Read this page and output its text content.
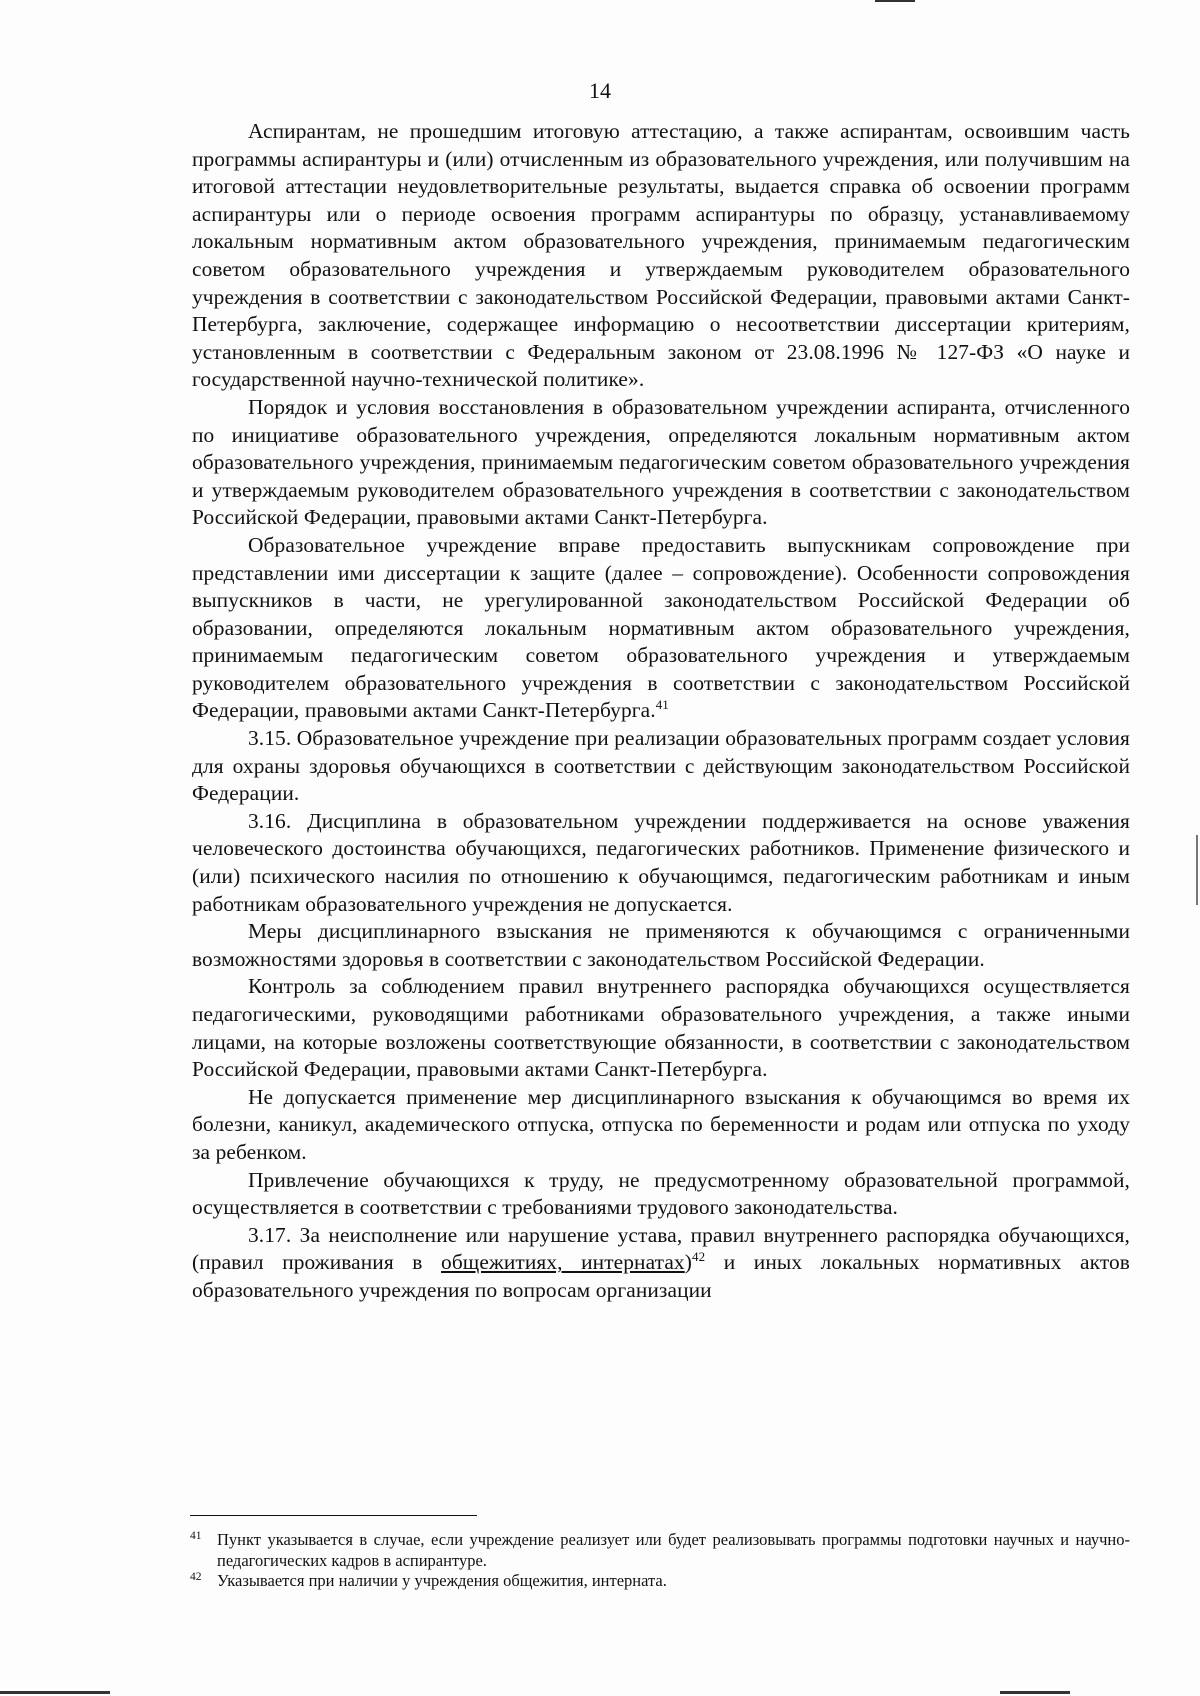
14

Аспирантам, не прошедшим итоговую аттестацию, а также аспирантам, освоившим часть программы аспирантуры и (или) отчисленным из образовательного учреждения, или получившим на итоговой аттестации неудовлетворительные результаты, выдается справка об освоении программ аспирантуры или о периоде освоения программ аспирантуры по образцу, устанавливаемому локальным нормативным актом образовательного учреждения, принимаемым педагогическим советом образовательного учреждения и утверждаемым руководителем образовательного учреждения в соответствии с законодательством Российской Федерации, правовыми актами Санкт-Петербурга, заключение, содержащее информацию о несоответствии диссертации критериям, установленным в соответствии с Федеральным законом от 23.08.1996 № 127-ФЗ «О науке и государственной научно-технической политике».

Порядок и условия восстановления в образовательном учреждении аспиранта, отчисленного по инициативе образовательного учреждения, определяются локальным нормативным актом образовательного учреждения, принимаемым педагогическим советом образовательного учреждения и утверждаемым руководителем образовательного учреждения в соответствии с законодательством Российской Федерации, правовыми актами Санкт-Петербурга.

Образовательное учреждение вправе предоставить выпускникам сопровождение при представлении ими диссертации к защите (далее – сопровождение). Особенности сопровождения выпускников в части, не урегулированной законодательством Российской Федерации об образовании, определяются локальным нормативным актом образовательного учреждения, принимаемым педагогическим советом образовательного учреждения и утверждаемым руководителем образовательного учреждения в соответствии с законодательством Российской Федерации, правовыми актами Санкт-Петербурга.$^{41}$

3.15. Образовательное учреждение при реализации образовательных программ создает условия для охраны здоровья обучающихся в соответствии с действующим законодательством Российской Федерации.

3.16. Дисциплина в образовательном учреждении поддерживается на основе уважения человеческого достоинства обучающихся, педагогических работников. Применение физического и (или) психического насилия по отношению к обучающимся, педагогическим работникам и иным работникам образовательного учреждения не допускается.

Меры дисциплинарного взыскания не применяются к обучающимся с ограниченными возможностями здоровья в соответствии с законодательством Российской Федерации.

Контроль за соблюдением правил внутреннего распорядка обучающихся осуществляется педагогическими, руководящими работниками образовательного учреждения, а также иными лицами, на которые возложены соответствующие обязанности, в соответствии с законодательством Российской Федерации, правовыми актами Санкт-Петербурга.

Не допускается применение мер дисциплинарного взыскания к обучающимся во время их болезни, каникул, академического отпуска, отпуска по беременности и родам или отпуска по уходу за ребенком.

Привлечение обучающихся к труду, не предусмотренному образовательной программой, осуществляется в соответствии с требованиями трудового законодательства.

3.17. За неисполнение или нарушение устава, правил внутреннего распорядка обучающихся, (правил проживания в общежитиях, интернатах)$^{42}$ и иных локальных нормативных актов образовательного учреждения по вопросам организации

41 Пункт указывается в случае, если учреждение реализует или будет реализовывать программы подготовки научных и научно-педагогических кадров в аспирантуре.
42 Указывается при наличии у учреждения общежития, интерната.
